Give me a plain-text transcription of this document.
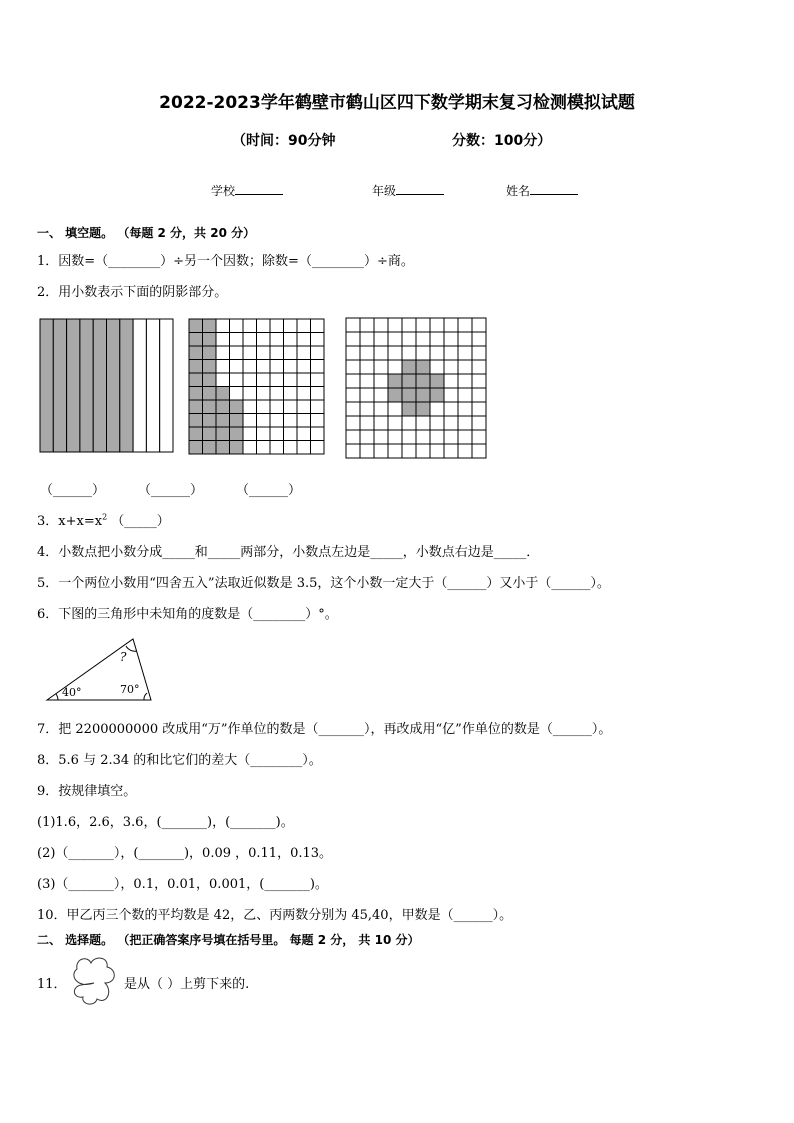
2022-2023学年鹤壁市鹤山区四下数学期末复习检测模拟试题
（时间：90分钟	分数：100分）
学校	年级	姓名
一、 填空题。 （每题 2 分，共 20 分）
1．因数=（________）÷另一个因数；除数=（________）÷商。
2．用小数表示下面的阴影部分。
（______）	（______）	（______）
3．$x+x=x^2$ （_____）
4．小数点把小数分成_____和_____两部分，小数点左边是_____，小数点右边是_____．
5．一个两位小数用“四舍五入”法取近似数是 3.5，这个小数一定大于（______）又小于（______）。
6．下图的三角形中未知角的度数是（________）°。
?
40°	70°
7．把 2200000000 改成用“万”作单位的数是（_______），再改成用“亿”作单位的数是（______）。
8．5.6 与 2.34 的和比它们的差大（________）。
9．按规律填空。
(1)1.6，2.6，3.6，(_______)，(_______)。
(2)（_______），(_______)，0.09 ，0.11，0.13。
(3)（_______），0.1，0.01，0.001，(_______)。
10．甲乙丙三个数的平均数是 42，乙、丙两数分别为 45,40，甲数是（______）。
二、 选择题。 （把正确答案序号填在括号里。 每题 2 分， 共 10 分）
11．	是从（ ）上剪下来的.
